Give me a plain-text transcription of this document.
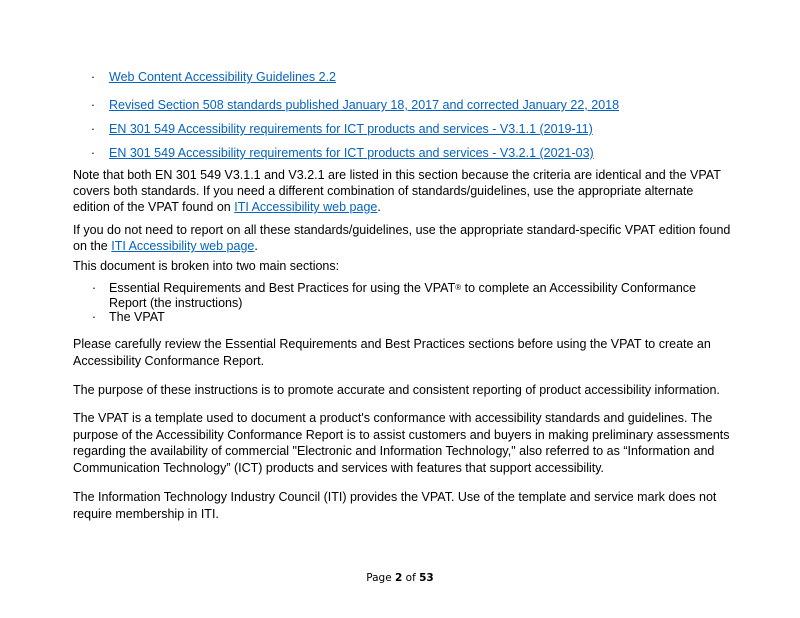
· Web Content Accessibility Guidelines 2.2
· Revised Section 508 standards published January 18, 2017 and corrected January 22, 2018
· EN 301 549 Accessibility requirements for ICT products and services - V3.1.1 (2019-11)
· EN 301 549 Accessibility requirements for ICT products and services - V3.2.1 (2021-03)
Note that both EN 301 549 V3.1.1 and V3.2.1 are listed in this section because the criteria are identical and the VPAT covers both standards. If you need a different combination of standards/guidelines, use the appropriate alternate edition of the VPAT found on ITI Accessibility web page.
If you do not need to report on all these standards/guidelines, use the appropriate standard-specific VPAT edition found on the ITI Accessibility web page.
This document is broken into two main sections:
· Essential Requirements and Best Practices for using the VPAT® to complete an Accessibility Conformance Report (the instructions)
· The VPAT
Please carefully review the Essential Requirements and Best Practices sections before using the VPAT to create an Accessibility Conformance Report.
The purpose of these instructions is to promote accurate and consistent reporting of product accessibility information.
The VPAT is a template used to document a product's conformance with accessibility standards and guidelines. The purpose of the Accessibility Conformance Report is to assist customers and buyers in making preliminary assessments regarding the availability of commercial "Electronic and Information Technology," also referred to as “Information and Communication Technology” (ICT) products and services with features that support accessibility.
The Information Technology Industry Council (ITI) provides the VPAT. Use of the template and service mark does not require membership in ITI.
Page 2 of 53
